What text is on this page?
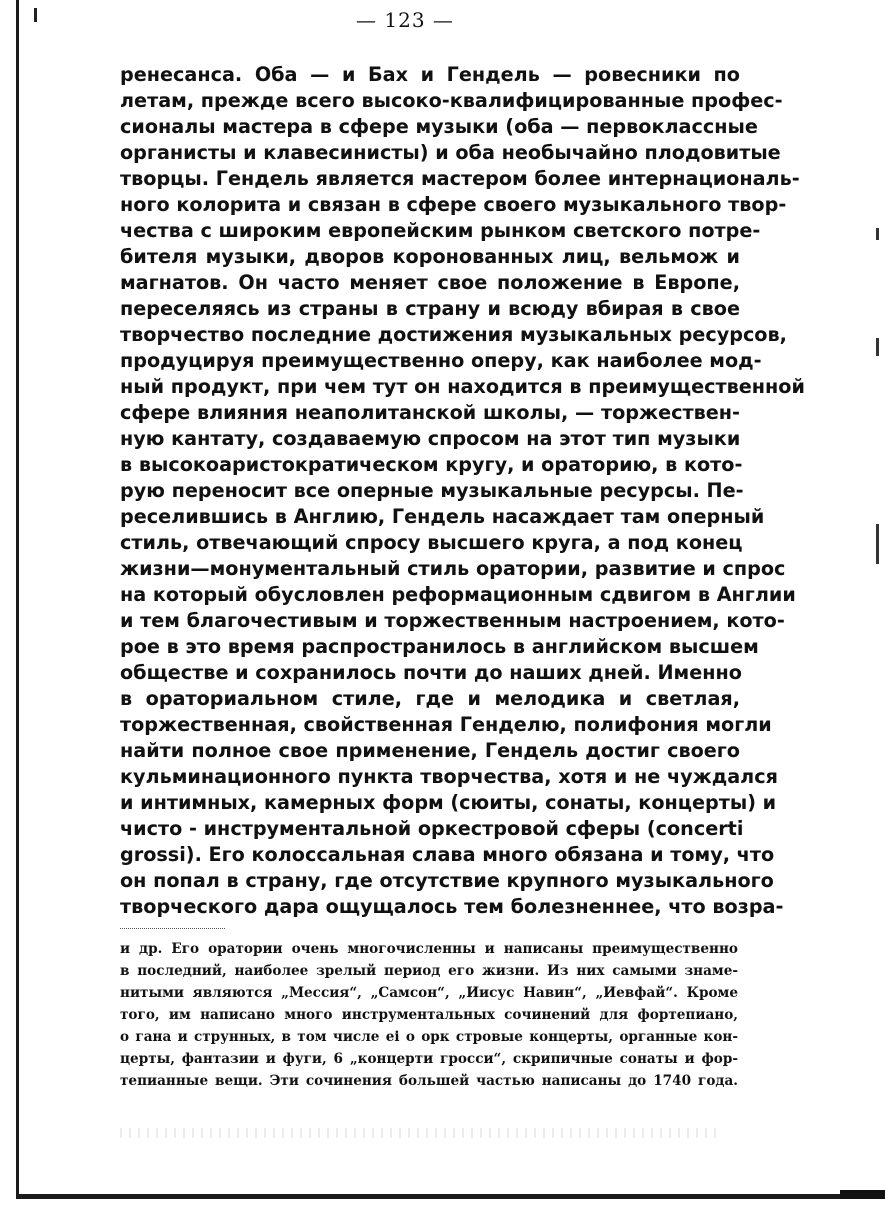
— 123 —
ренесанса. Оба — и Бах и Гендель — ровесники по
летам, прежде всего высоко-квалифицированные профес-
сионалы мастера в сфере музыки (оба — первоклассные
органисты и клавесинисты) и оба необычайно плодовитые
творцы. Гендель является мастером более интернациональ-
ного колорита и связан в сфере своего музыкального твор-
чества с широким европейским рынком светского потре-
бителя музыки, дворов коронованных лиц, вельмож и
магнатов. Он часто меняет свое положение в Европе,
переселяясь из страны в страну и всюду вбирая в свое
творчество последние достижения музыкальных ресурсов,
продуцируя преимущественно оперу, как наиболее мод-
ный продукт, при чем тут он находится в преимущественной
сфере влияния неаполитанской школы, — торжествен-
ную кантату, создаваемую спросом на этот тип музыки
в высокоаристократическом кругу, и ораторию, в кото-
рую переносит все оперные музыкальные ресурсы. Пе-
реселившись в Англию, Гендель насаждает там оперный
стиль, отвечающий спросу высшего круга, а под конец
жизни—монументальный стиль оратории, развитие и спрос
на который обусловлен реформационным сдвигом в Англии
и тем благочестивым и торжественным настроением, кото-
рое в это время распространилось в английском высшем
обществе и сохранилось почти до наших дней. Именно
в ораториальном стиле, где и мелодика и светлая,
торжественная, свойственная Генделю, полифония могли
найти полное свое применение, Гендель достиг своего
кульминационного пункта творчества, хотя и не чуждался
и интимных, камерных форм (сюиты, сонаты, концерты) и
чисто - инструментальной оркестровой сферы (concerti
grossi). Его колоссальная слава много обязана и тому, что
он попал в страну, где отсутствие крупного музыкального
творческого дара ощущалось тем болезненнее, что возра-
и др. Его оратории очень многочисленны и написаны преимущественно
в последний, наиболее зрелый период его жизни. Из них самыми знаме-
нитыми являются „Мессия“, „Самсон“, „Иисус Навин“, „Иевфай“. Кроме
того, им написано много инструментальных сочинений для фортепиано,
о гана и струнных, в том числе ei о орк стровые концерты, органные кон-
церты, фантазии и фуги, 6 „концерти гросси“, скрипичные сонаты и фор-
тепианные вещи. Эти сочинения большей частью написаны до 1740 года.
